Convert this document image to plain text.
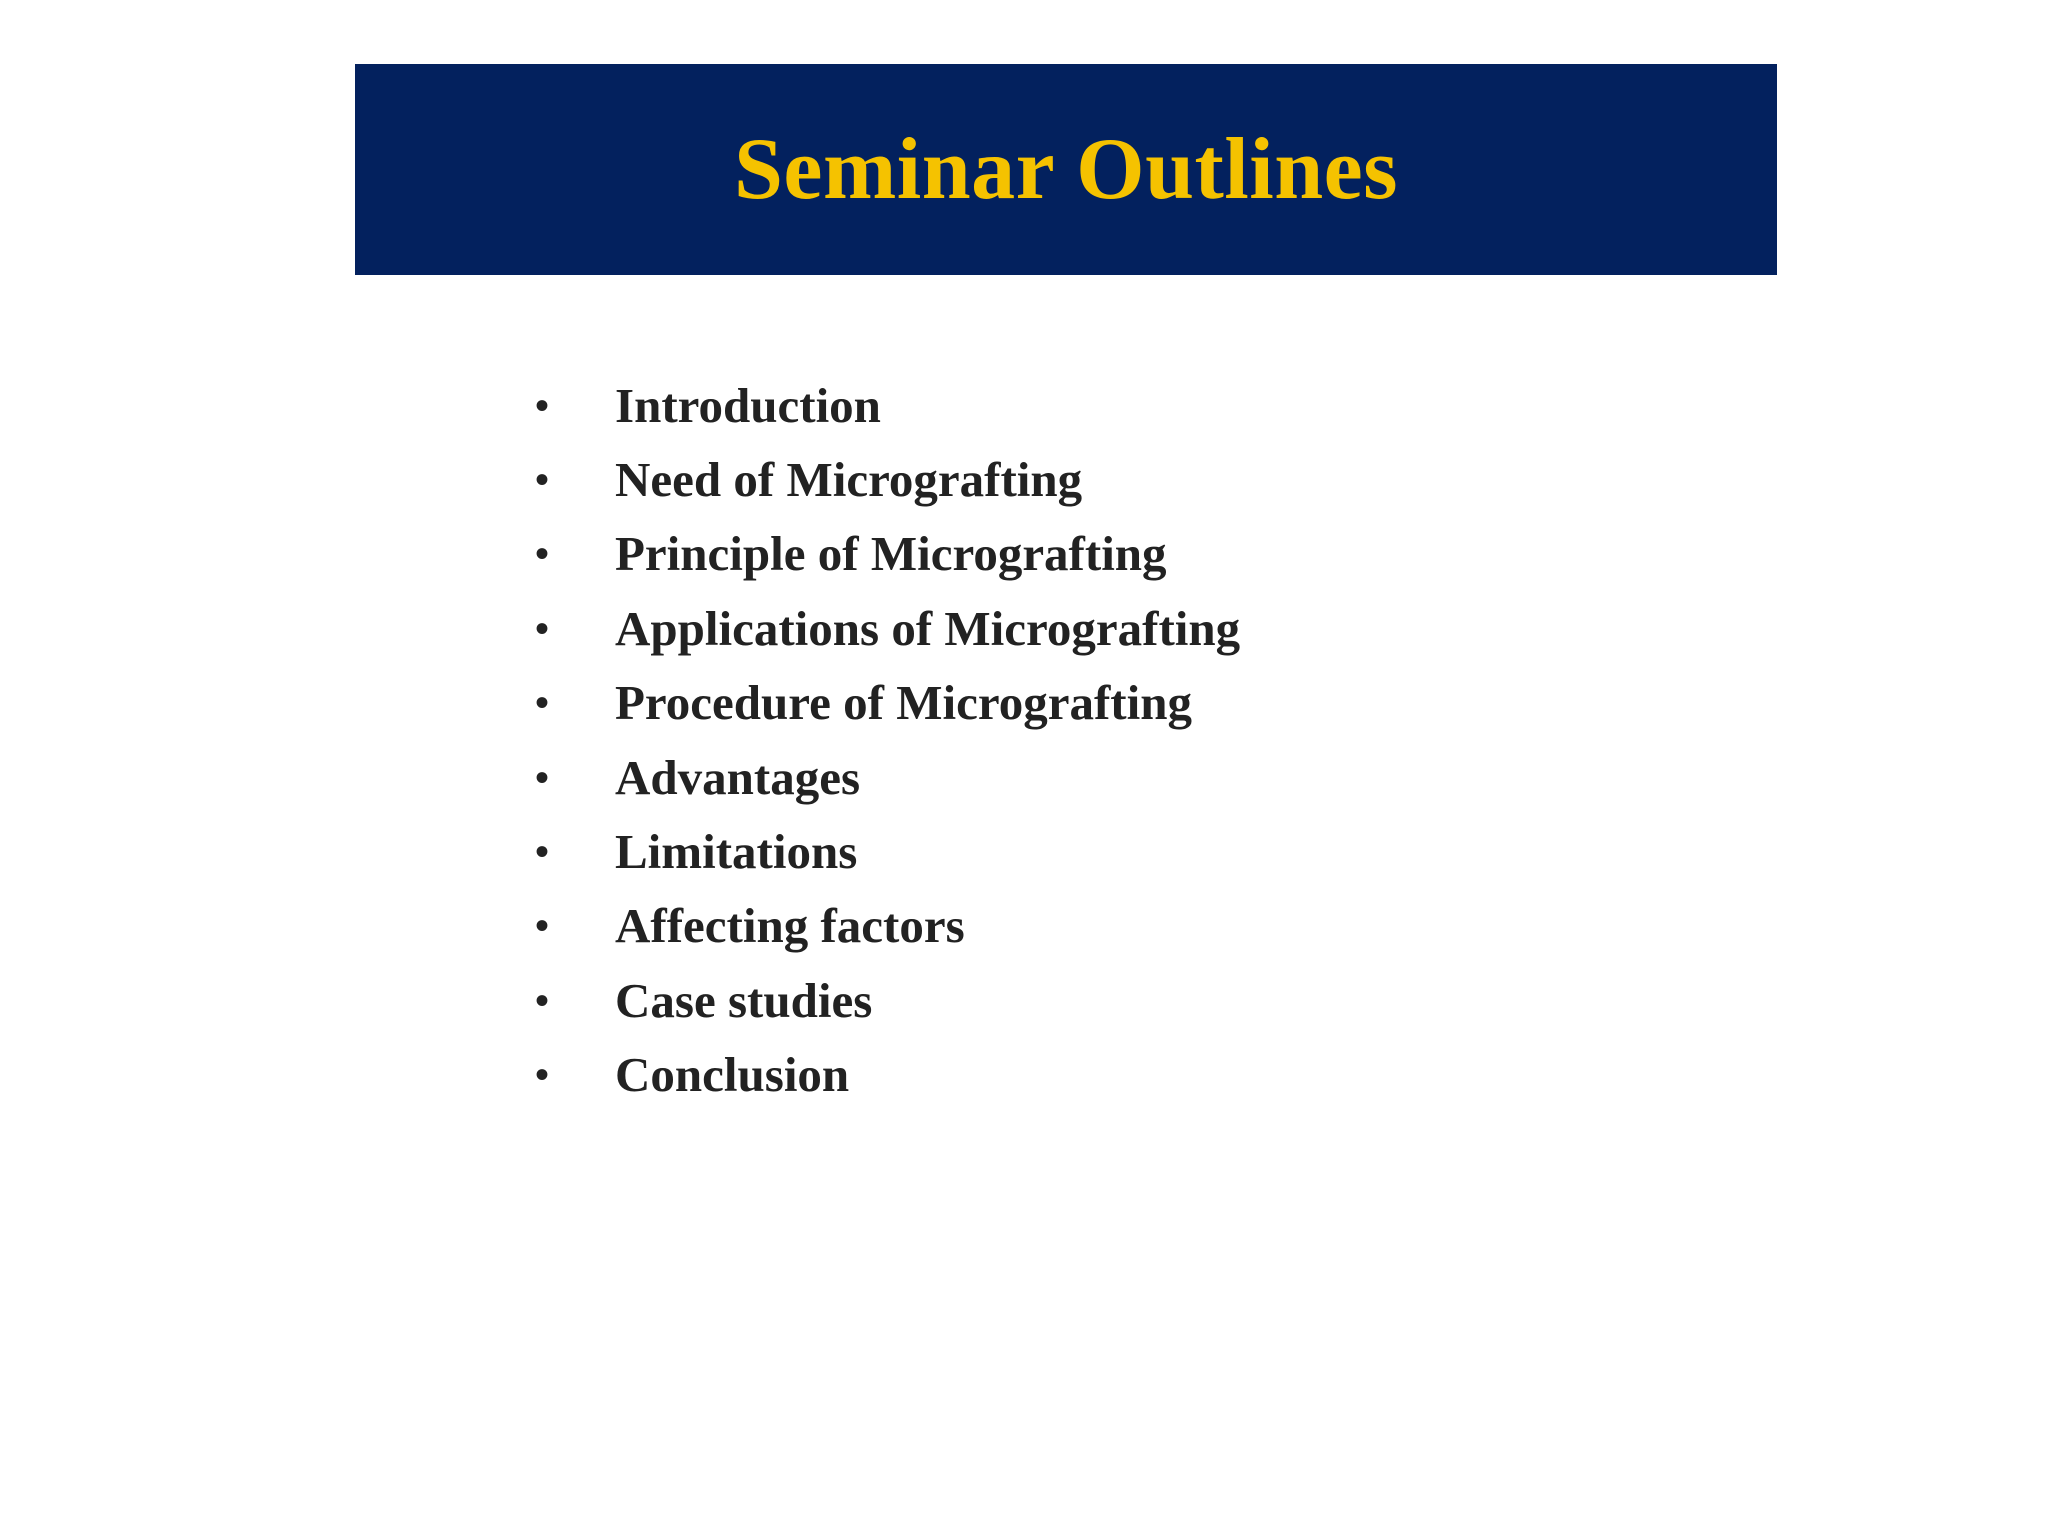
Seminar Outlines
•	Introduction
•	Need of Micrografting
•	Principle of Micrografting
•	Applications of Micrografting
•	Procedure of Micrografting
•	Advantages
•	Limitations
•	Affecting factors
•	Case studies
•	Conclusion
